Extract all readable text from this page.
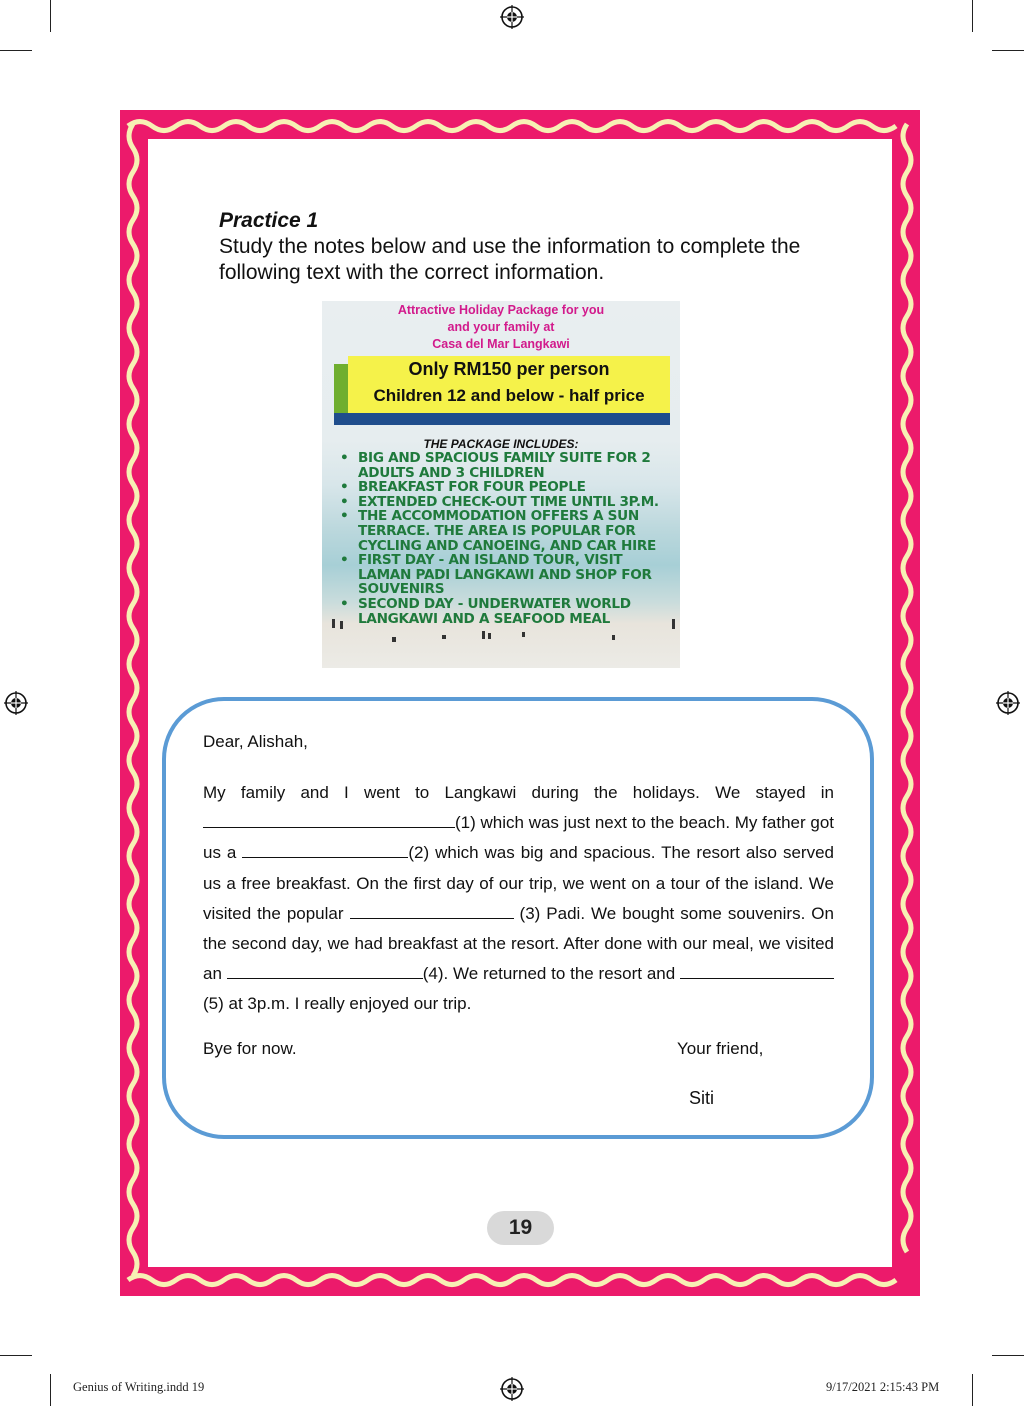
Practice 1
Study the notes below and use the information to complete the following text with the correct information.
Attractive Holiday Package for you
and your family at
Casa del Mar Langkawi
Only RM150 per person
Children 12 and below - half price
THE PACKAGE INCLUDES:
• BIG AND SPACIOUS FAMILY SUITE FOR 2 ADULTS AND 3 CHILDREN
• BREAKFAST FOR FOUR PEOPLE
• EXTENDED CHECK-OUT TIME UNTIL 3P.M.
• THE ACCOMMODATION OFFERS A SUN TERRACE. THE AREA IS POPULAR FOR CYCLING AND CANOEING, AND CAR HIRE
• FIRST DAY - AN ISLAND TOUR, VISIT LAMAN PADI LANGKAWI AND SHOP FOR SOUVENIRS
• SECOND DAY - UNDERWATER WORLD LANGKAWI AND A SEAFOOD MEAL
Dear, Alishah,
My family and I went to Langkawi during the holidays. We stayed in (1) which was just next to the beach. My father got us a	(2) which was big and spacious. The resort also served us a free breakfast. On the first day of our trip, we went on a tour of the island. We visited the popular	(3) Padi. We bought some souvenirs. On the second day, we had breakfast at the resort. After done with our meal, we visited an	(4). We returned to the resort and (5) at 3p.m. I really enjoyed our trip.
Bye for now.	Your friend,
Siti
19
Genius of Writing.indd 19	9/17/2021 2:15:43 PM
